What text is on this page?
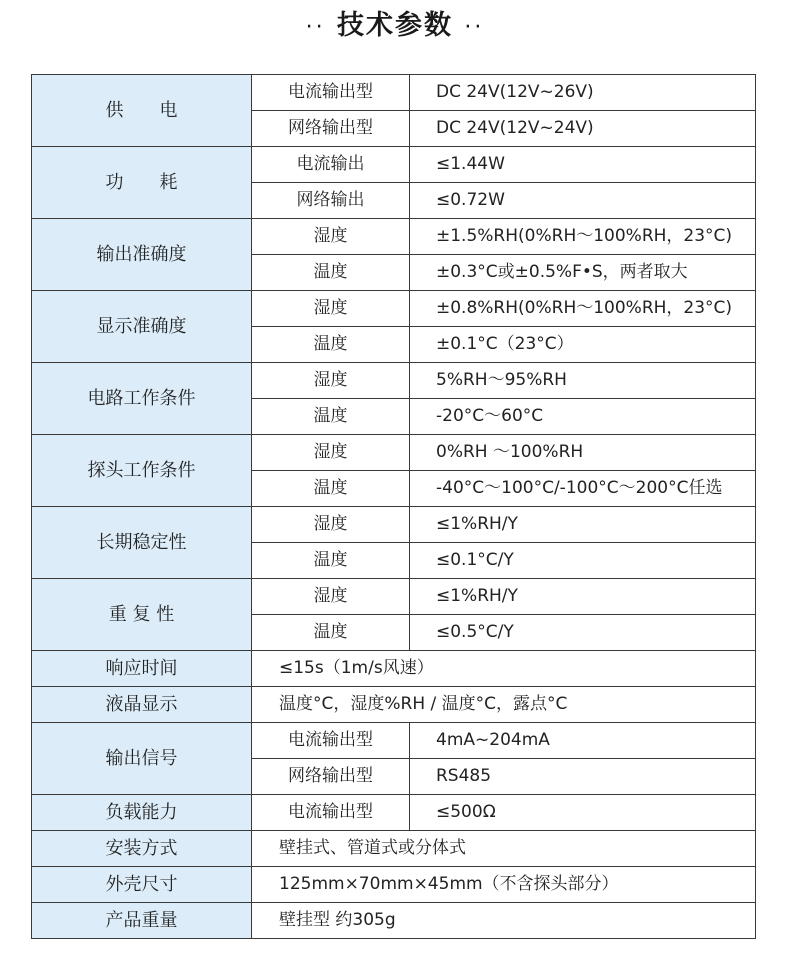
·· 技术参数 ··
供　　电	电流输出型	DC 24V(12V~26V)
	网络输出型	DC 24V(12V~24V)
功　　耗	电流输出	≤1.44W
	网络输出	≤0.72W
输出准确度	湿度	±1.5%RH(0%RH～100%RH，23°C)
	温度	±0.3°C或±0.5%F•S，两者取大
显示准确度	湿度	±0.8%RH(0%RH～100%RH，23°C)
	温度	±0.1°C（23°C）
电路工作条件	湿度	5%RH～95%RH
	温度	-20°C～60°C
探头工作条件	湿度	0%RH ～100%RH
	温度	-40°C～100°C/-100°C～200°C任选
长期稳定性	湿度	≤1%RH/Y
	温度	≤0.1°C/Y
重 复 性	湿度	≤1%RH/Y
	温度	≤0.5°C/Y
响应时间	≤15s（1m/s风速）	
液晶显示	温度°C，湿度%RH / 温度°C，露点°C	
输出信号	电流输出型	4mA~204mA
	网络输出型	RS485
负载能力	电流输出型	≤500Ω
安装方式	壁挂式、管道式或分体式	
外壳尺寸	125mm×70mm×45mm（不含探头部分）	
产品重量	壁挂型 约305g	
